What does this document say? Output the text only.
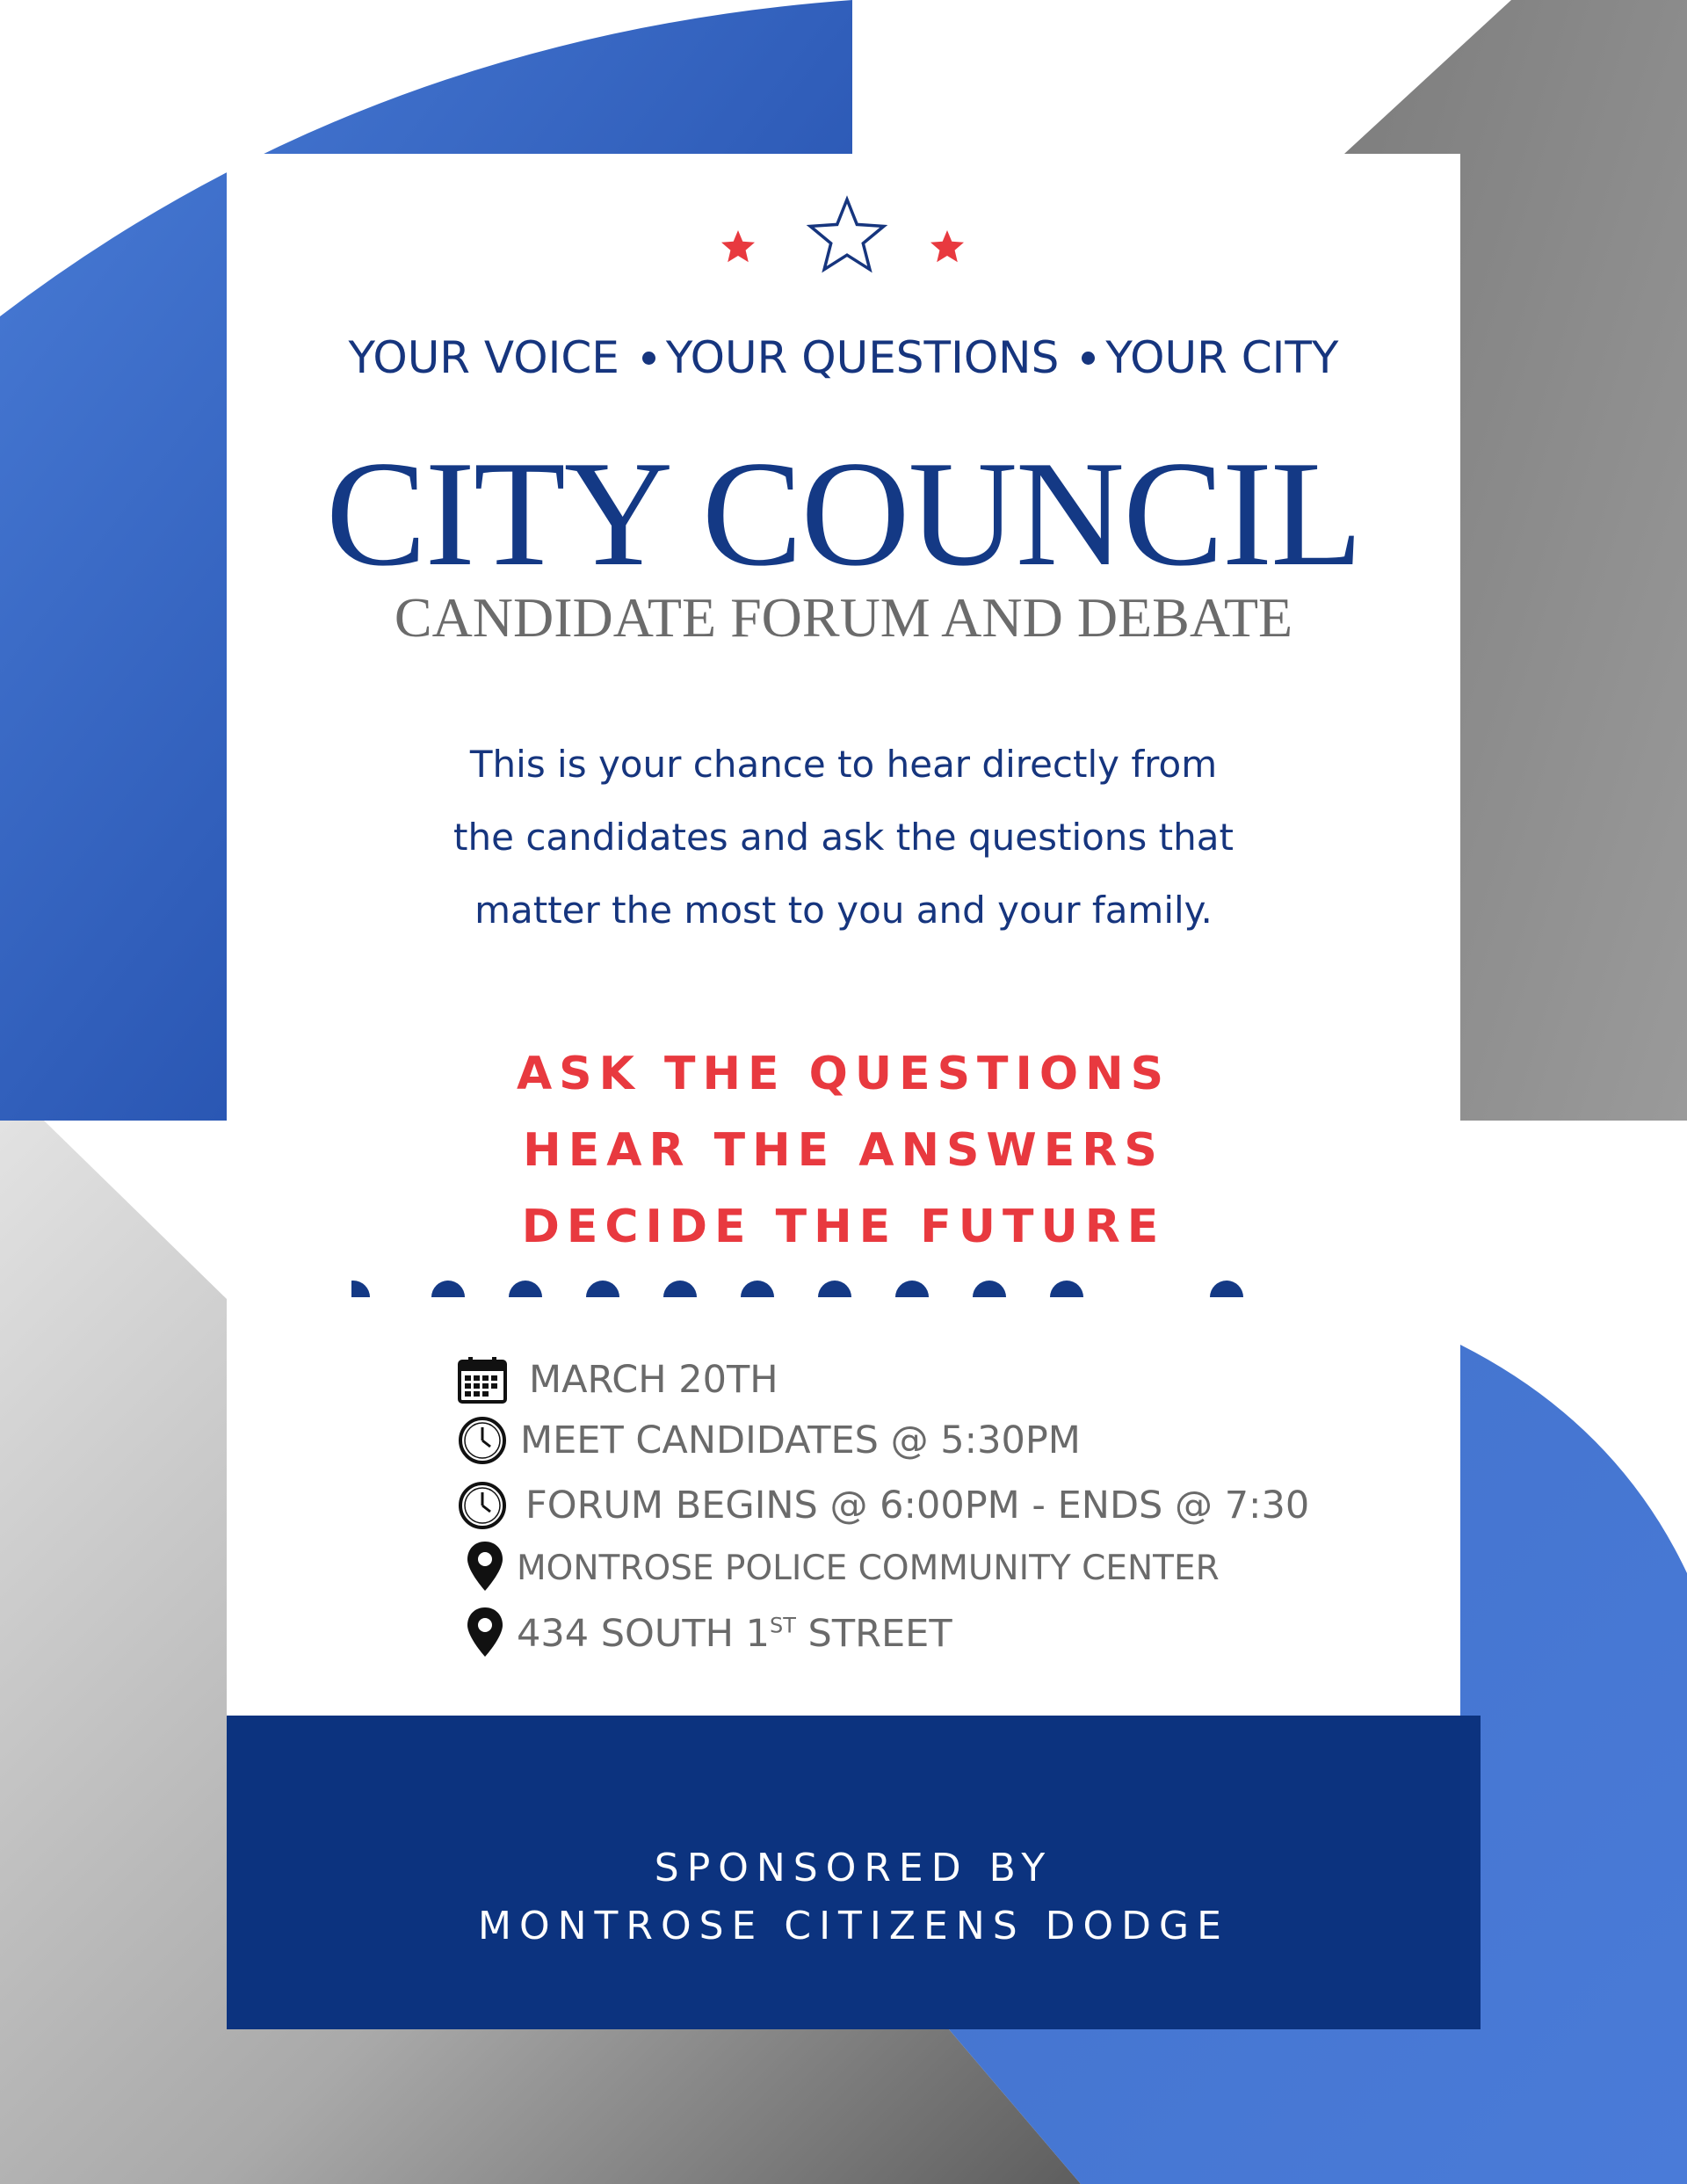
YOUR VOICE YOUR QUESTIONS YOUR CITY
CITY COUNCIL
CANDIDATE FORUM AND DEBATE
This is your chance to hear directly from
the candidates and ask the questions that
matter the most to you and your family.
ASK THE QUESTIONS
HEAR THE ANSWERS
DECIDE THE FUTURE
MARCH 20TH
MEET CANDIDATES @ 5:30PM
FORUM BEGINS @ 6:00PM - ENDS @ 7:30
MONTROSE POLICE COMMUNITY CENTER
434 SOUTH 1ST STREET
SPONSORED BY
MONTROSE CITIZENS DODGE
